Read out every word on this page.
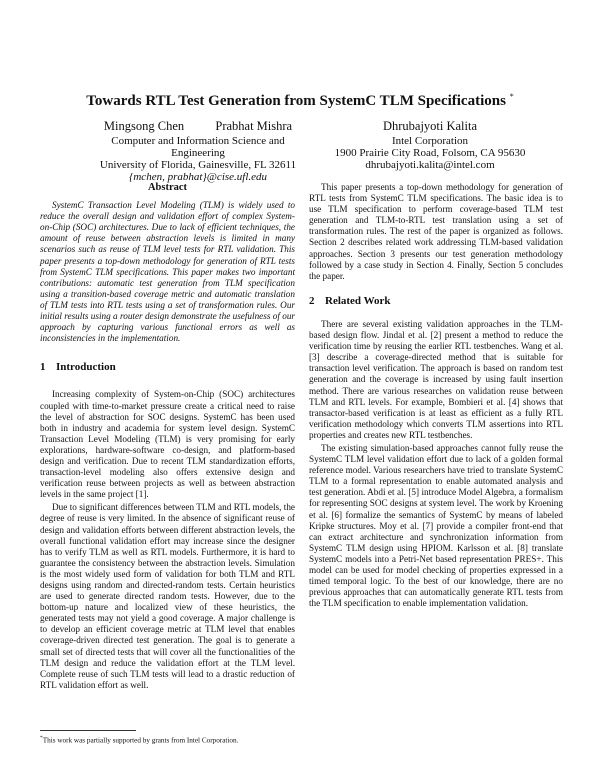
Towards RTL Test Generation from SystemC TLM Specifications *
Mingsong Chen          Prabhat Mishra
Computer and Information Science and Engineering
University of Florida, Gainesville, FL 32611
{mchen, prabhat}@cise.ufl.edu
Dhrubajyoti Kalita
Intel Corporation
1900 Prairie City Road, Folsom, CA 95630
dhrubajyoti.kalita@intel.com
Abstract

SystemC Transaction Level Modeling (TLM) is widely used to reduce the overall design and validation effort of complex System-on-Chip (SOC) architectures. Due to lack of efficient techniques, the amount of reuse between abstraction levels is limited in many scenarios such as reuse of TLM level tests for RTL validation. This paper presents a top-down methodology for generation of RTL tests from SystemC TLM specifications. This paper makes two important contributions: automatic test generation from TLM specification using a transition-based coverage metric and automatic translation of TLM tests into RTL tests using a set of transformation rules. Our initial results using a router design demonstrate the usefulness of our approach by capturing various functional errors as well as inconsistencies in the implementation.

1 Introduction

Increasing complexity of System-on-Chip (SOC) architectures coupled with time-to-market pressure create a critical need to raise the level of abstraction for SOC designs. SystemC has been used both in industry and academia for system level design. SystemC Transaction Level Modeling (TLM) is very promising for early explorations, hardware-software co-design, and platform-based design and verification. Due to recent TLM standardization efforts, transaction-level modeling also offers extensive design and verification reuse between projects as well as between abstraction levels in the same project [1].

Due to significant differences between TLM and RTL models, the degree of reuse is very limited. In the absence of significant reuse of design and validation efforts between different abstraction levels, the overall functional validation effort may increase since the designer has to verify TLM as well as RTL models. Furthermore, it is hard to guarantee the consistency between the abstraction levels. Simulation is the most widely used form of validation for both TLM and RTL designs using random and directed-random tests. Certain heuristics are used to generate directed random tests. However, due to the bottom-up nature and localized view of these heuristics, the generated tests may not yield a good coverage. A major challenge is to develop an efficient coverage metric at TLM level that enables coverage-driven directed test generation. The goal is to generate a small set of directed tests that will cover all the functionalities of the TLM design and reduce the validation effort at the TLM level. Complete reuse of such TLM tests will lead to a drastic reduction of RTL validation effort as well.

This paper presents a top-down methodology for generation of RTL tests from SystemC TLM specifications. The basic idea is to use TLM specification to perform coverage-based TLM test generation and TLM-to-RTL test translation using a set of transformation rules. The rest of the paper is organized as follows. Section 2 describes related work addressing TLM-based validation approaches. Section 3 presents our test generation methodology followed by a case study in Section 4. Finally, Section 5 concludes the paper.

2 Related Work

There are several existing validation approaches in the TLM-based design flow. Jindal et al. [2] present a method to reduce the verification time by reusing the earlier RTL testbenches. Wang et al. [3] describe a coverage-directed method that is suitable for transaction level verification. The approach is based on random test generation and the coverage is increased by using fault insertion method. There are various researches on validation reuse between TLM and RTL levels. For example, Bombieri et al. [4] shows that transactor-based verification is at least as efficient as a fully RTL verification methodology which converts TLM assertions into RTL properties and creates new RTL testbenches.

The existing simulation-based approaches cannot fully reuse the SystemC TLM level validation effort due to lack of a golden formal reference model. Various researchers have tried to translate SystemC TLM to a formal representation to enable automated analysis and test generation. Abdi et al. [5] introduce Model Algebra, a formalism for representing SOC designs at system level. The work by Kroening et al. [6] formalize the semantics of SystemC by means of labeled Kripke structures. Moy et al. [7] provide a compiler front-end that can extract architecture and synchronization information from SystemC TLM design using HPIOM. Karlsson et al. [8] translate SystemC models into a Petri-Net based representation PRES+. This model can be used for model checking of properties expressed in a timed temporal logic. To the best of our knowledge, there are no previous approaches that can automatically generate RTL tests from the TLM specification to enable implementation validation.

*This work was partially supported by grants from Intel Corporation.
